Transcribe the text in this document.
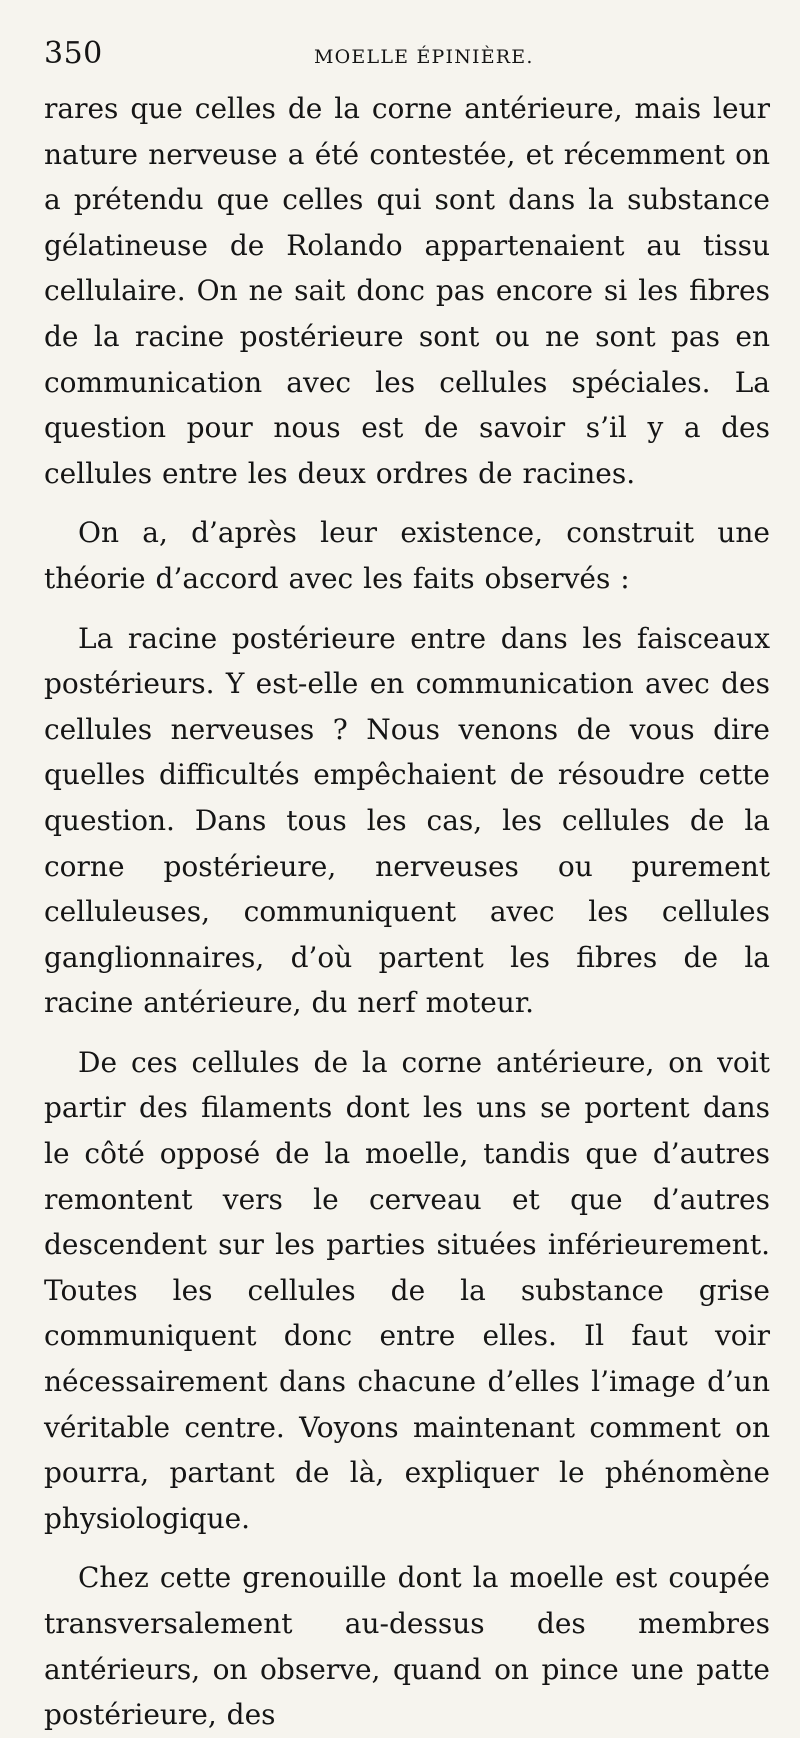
350	MOELLE ÉPINIÈRE.

rares que celles de la corne antérieure, mais leur nature nerveuse a été contestée, et récemment on a prétendu que celles qui sont dans la substance gélatineuse de Rolando appartenaient au tissu cellulaire. On ne sait donc pas encore si les fibres de la racine postérieure sont ou ne sont pas en communication avec les cellules spéciales. La question pour nous est de savoir s’il y a des cellules entre les deux ordres de racines.

On a, d’après leur existence, construit une théorie d’accord avec les faits observés :

La racine postérieure entre dans les faisceaux postérieurs. Y est-elle en communication avec des cellules nerveuses ? Nous venons de vous dire quelles difficultés empêchaient de résoudre cette question. Dans tous les cas, les cellules de la corne postérieure, nerveuses ou purement celluleuses, communiquent avec les cellules ganglionnaires, d’où partent les fibres de la racine antérieure, du nerf moteur.

De ces cellules de la corne antérieure, on voit partir des filaments dont les uns se portent dans le côté opposé de la moelle, tandis que d’autres remontent vers le cerveau et que d’autres descendent sur les parties situées inférieurement. Toutes les cellules de la substance grise communiquent donc entre elles. Il faut voir nécessairement dans chacune d’elles l’image d’un véritable centre. Voyons maintenant comment on pourra, partant de là, expliquer le phénomène physiologique.

Chez cette grenouille dont la moelle est coupée transversalement au-dessus des membres antérieurs, on observe, quand on pince une patte postérieure, des
